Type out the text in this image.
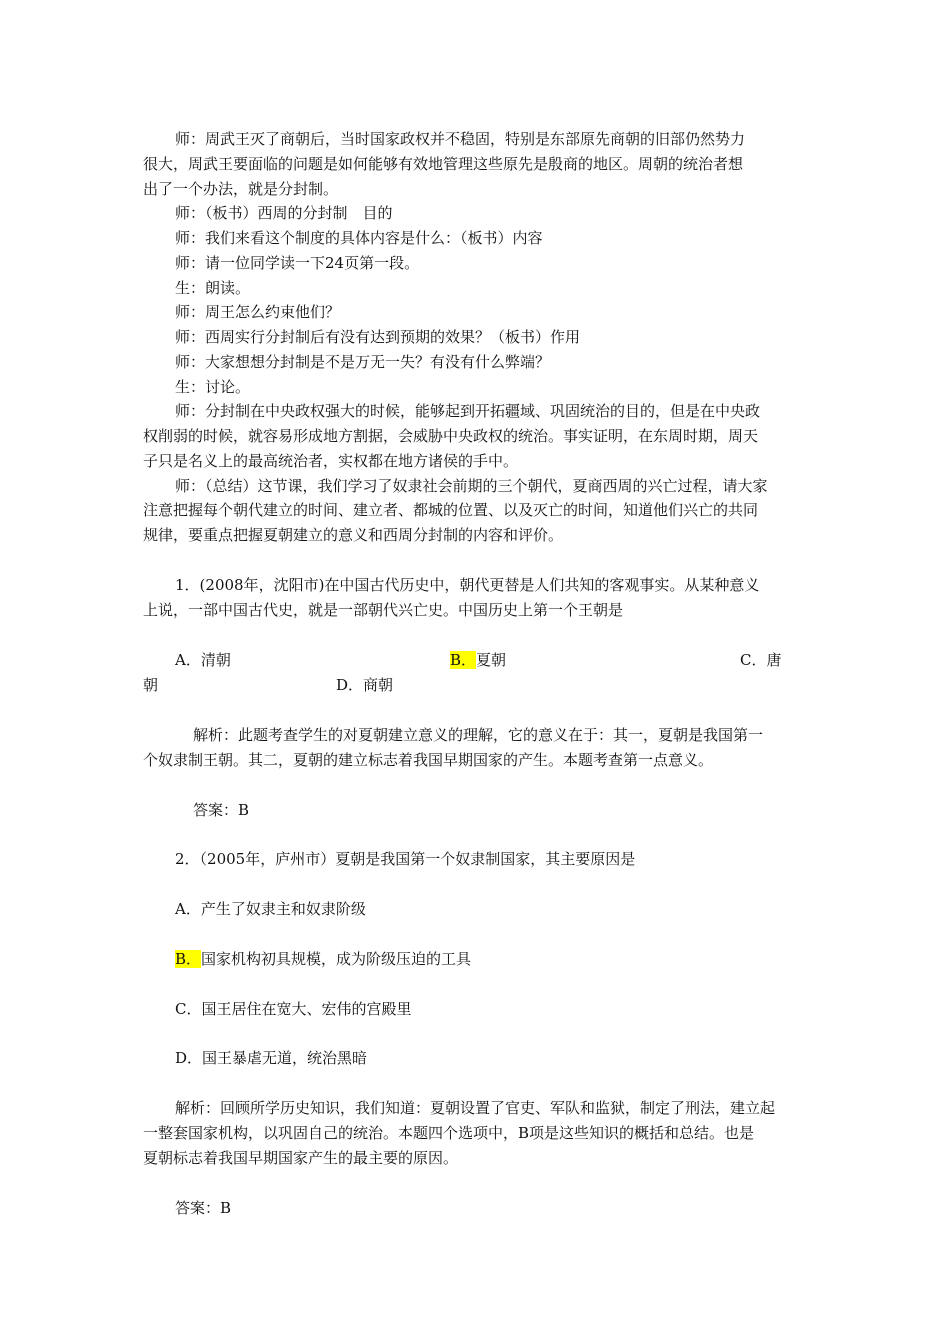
师：周武王灭了商朝后，当时国家政权并不稳固，特别是东部原先商朝的旧部仍然势力
很大，周武王要面临的问题是如何能够有效地管理这些原先是殷商的地区。周朝的统治者想
出了一个办法，就是分封制。
师：（板书）西周的分封制　目的
师：我们来看这个制度的具体内容是什么：（板书）内容
师：请一位同学读一下24页第一段。
生：朗读。
师：周王怎么约束他们？
师：西周实行分封制后有没有达到预期的效果？（板书）作用
师：大家想想分封制是不是万无一失？有没有什么弊端？
生：讨论。
师：分封制在中央政权强大的时候，能够起到开拓疆域、巩固统治的目的，但是在中央政
权削弱的时候，就容易形成地方割据，会威胁中央政权的统治。事实证明，在东周时期，周天
子只是名义上的最高统治者，实权都在地方诸侯的手中。
师：（总结）这节课，我们学习了奴隶社会前期的三个朝代，夏商西周的兴亡过程，请大家
注意把握每个朝代建立的时间、建立者、都城的位置、以及灭亡的时间，知道他们兴亡的共同
规律，要重点把握夏朝建立的意义和西周分封制的内容和评价。
1．(2008年，沈阳市)在中国古代历史中，朝代更替是人们共知的客观事实。从某种意义
上说，一部中国古代史，就是一部朝代兴亡史。中国历史上第一个王朝是
A．清朝	B．夏朝	C．唐
朝	D．商朝
解析：此题考查学生的对夏朝建立意义的理解，它的意义在于：其一，夏朝是我国第一
个奴隶制王朝。其二，夏朝的建立标志着我国早期国家的产生。本题考查第一点意义。
答案：B
2．（2005年，庐州市）夏朝是我国第一个奴隶制国家，其主要原因是
A．产生了奴隶主和奴隶阶级
B．国家机构初具规模，成为阶级压迫的工具
C．国王居住在宽大、宏伟的宫殿里
D．国王暴虐无道，统治黑暗
解析：回顾所学历史知识，我们知道：夏朝设置了官吏、军队和监狱，制定了刑法，建立起
一整套国家机构，以巩固自己的统治。本题四个选项中，B项是这些知识的概括和总结。也是
夏朝标志着我国早期国家产生的最主要的原因。
答案：B
